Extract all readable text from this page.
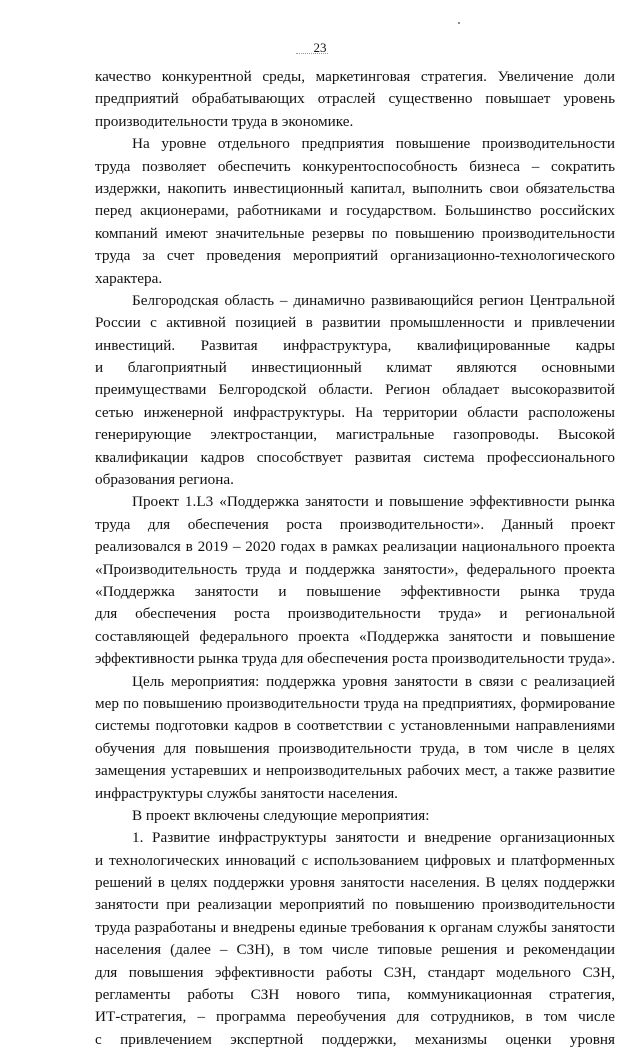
23
качество конкурентной среды, маркетинговая стратегия. Увеличение доли
предприятий обрабатывающих отраслей существенно повышает уровень
производительности труда в экономике.
На уровне отдельного предприятия повышение производительности
труда позволяет обеспечить конкурентоспособность бизнеса – сократить
издержки, накопить инвестиционный капитал, выполнить свои обязательства
перед акционерами, работниками и государством. Большинство российских
компаний имеют значительные резервы по повышению производительности
труда за счет проведения мероприятий организационно-технологического
характера.
Белгородская область – динамично развивающийся регион Центральной
России с активной позицией в развитии промышленности и привлечении
инвестиций. Развитая инфраструктура, квалифицированные кадры
и благоприятный инвестиционный климат являются основными
преимуществами Белгородской области. Регион обладает высокоразвитой
сетью инженерной инфраструктуры. На территории области расположены
генерирующие электростанции, магистральные газопроводы. Высокой
квалификации кадров способствует развитая система профессионального
образования региона.
Проект 1.L3 «Поддержка занятости и повышение эффективности рынка
труда для обеспечения роста производительности». Данный проект
реализовался в 2019 – 2020 годах в рамках реализации национального проекта
«Производительность труда и поддержка занятости», федерального проекта
«Поддержка занятости и повышение эффективности рынка труда
для обеспечения роста производительности труда» и региональной
составляющей федерального проекта «Поддержка занятости и повышение
эффективности рынка труда для обеспечения роста производительности труда».
Цель мероприятия: поддержка уровня занятости в связи с реализацией
мер по повышению производительности труда на предприятиях, формирование
системы подготовки кадров в соответствии с установленными направлениями
обучения для повышения производительности труда, в том числе в целях
замещения устаревших и непроизводительных рабочих мест, а также развитие
инфраструктуры службы занятости населения.
В проект включены следующие мероприятия:
1. Развитие инфраструктуры занятости и внедрение организационных
и технологических инноваций с использованием цифровых и платформенных
решений в целях поддержки уровня занятости населения. В целях поддержки
занятости при реализации мероприятий по повышению производительности
труда разработаны и внедрены единые требования к органам службы занятости
населения (далее – СЗН), в том числе типовые решения и рекомендации
для повышения эффективности работы СЗН, стандарт модельного СЗН,
регламенты работы СЗН нового типа, коммуникационная стратегия,
ИТ-стратегия, – программа переобучения для сотрудников, в том числе
с привлечением экспертной поддержки, механизмы оценки уровня
